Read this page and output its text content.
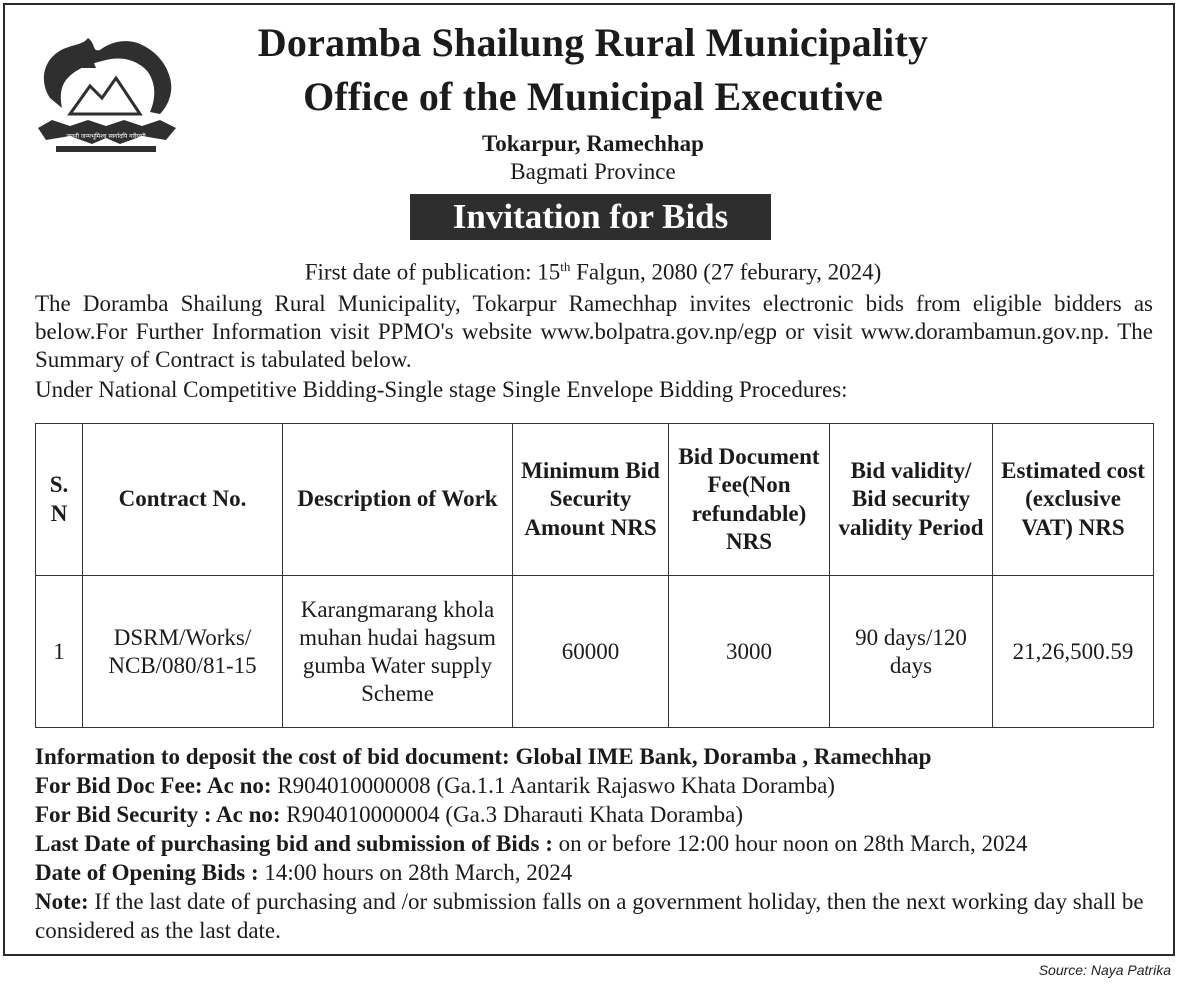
जननी जन्मभूमिश्च स्वर्गादपि गरीयसी
Doramba Shailung Rural Municipality
Office of the Municipal Executive
Tokarpur, Ramechhap
Bagmati Province
Invitation for Bids
First date of publication: 15th Falgun, 2080 (27 feburary, 2024)

The Doramba Shailung Rural Municipality, Tokarpur Ramechhap invites electronic bids from eligible bidders as below.For Further Information visit PPMO's website www.bolpatra.gov.np/egp or visit www.dorambamun.gov.np. The Summary of Contract is tabulated below.

Under National Competitive Bidding-Single stage Single Envelope Bidding Procedures:
S. N	Contract No.	Description of Work	Minimum Bid Security Amount NRS	Bid Document Fee(Non refundable) NRS	Bid validity/ Bid security validity Period	Estimated cost (exclusive VAT) NRS
1	DSRM/Works/ NCB/080/81-15	Karangmarang khola muhan hudai hagsum gumba Water supply Scheme	60000	3000	90 days/120 days	21,26,500.59
Information to deposit the cost of bid document: Global IME Bank, Doramba , Ramechhap
For Bid Doc Fee: Ac no: R904010000008 (Ga.1.1 Aantarik Rajaswo Khata Doramba)
For Bid Security : Ac no: R904010000004 (Ga.3 Dharauti Khata Doramba)
Last Date of purchasing bid and submission of Bids : on or before 12:00 hour noon on 28th March, 2024
Date of Opening Bids : 14:00 hours on 28th March, 2024
Note: If the last date of purchasing and /or submission falls on a government holiday, then the next working day shall be considered as the last date.
Source: Naya Patrika
